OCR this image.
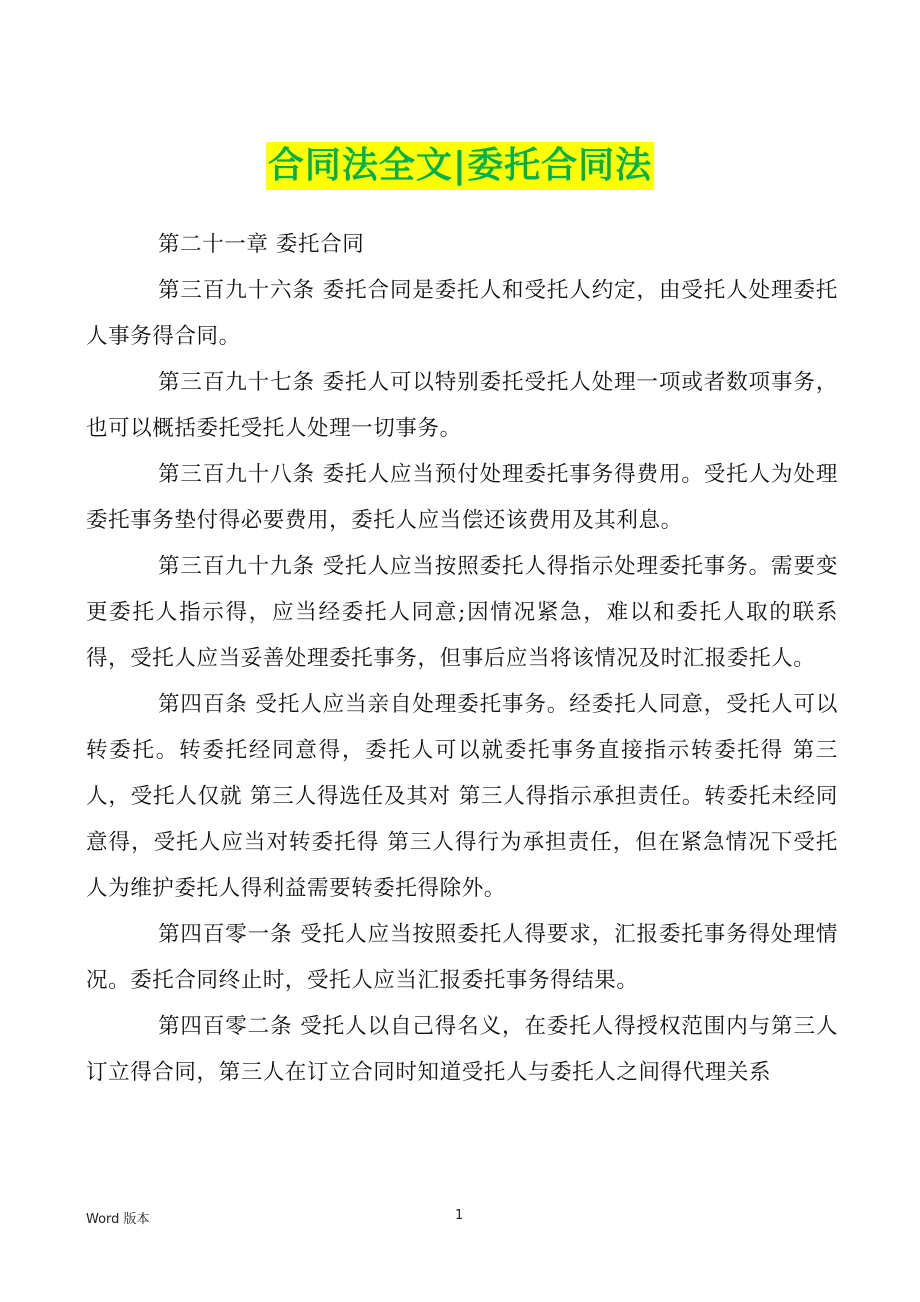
合同法全文|委托合同法

第二十一章 委托合同

第三百九十六条 委托合同是委托人和受托人约定，由受托人处理委托人事务得合同。

第三百九十七条 委托人可以特别委托受托人处理一项或者数项事务，也可以概括委托受托人处理一切事务。

第三百九十八条 委托人应当预付处理委托事务得费用。受托人为处理委托事务垫付得必要费用，委托人应当偿还该费用及其利息。

第三百九十九条 受托人应当按照委托人得指示处理委托事务。需要变更委托人指示得，应当经委托人同意;因情况紧急，难以和委托人取的联系得，受托人应当妥善处理委托事务，但事后应当将该情况及时汇报委托人。

第四百条 受托人应当亲自处理委托事务。经委托人同意，受托人可以转委托。转委托经同意得，委托人可以就委托事务直接指示转委托得 第三人，受托人仅就 第三人得选任及其对 第三人得指示承担责任。转委托未经同意得，受托人应当对转委托得 第三人得行为承担责任，但在紧急情况下受托人为维护委托人得利益需要转委托得除外。

第四百零一条 受托人应当按照委托人得要求，汇报委托事务得处理情况。委托合同终止时，受托人应当汇报委托事务得结果。

第四百零二条 受托人以自己得名义，在委托人得授权范围内与第三人订立得合同，第三人在订立合同时知道受托人与委托人之间得代理关系

Word 版本	1
